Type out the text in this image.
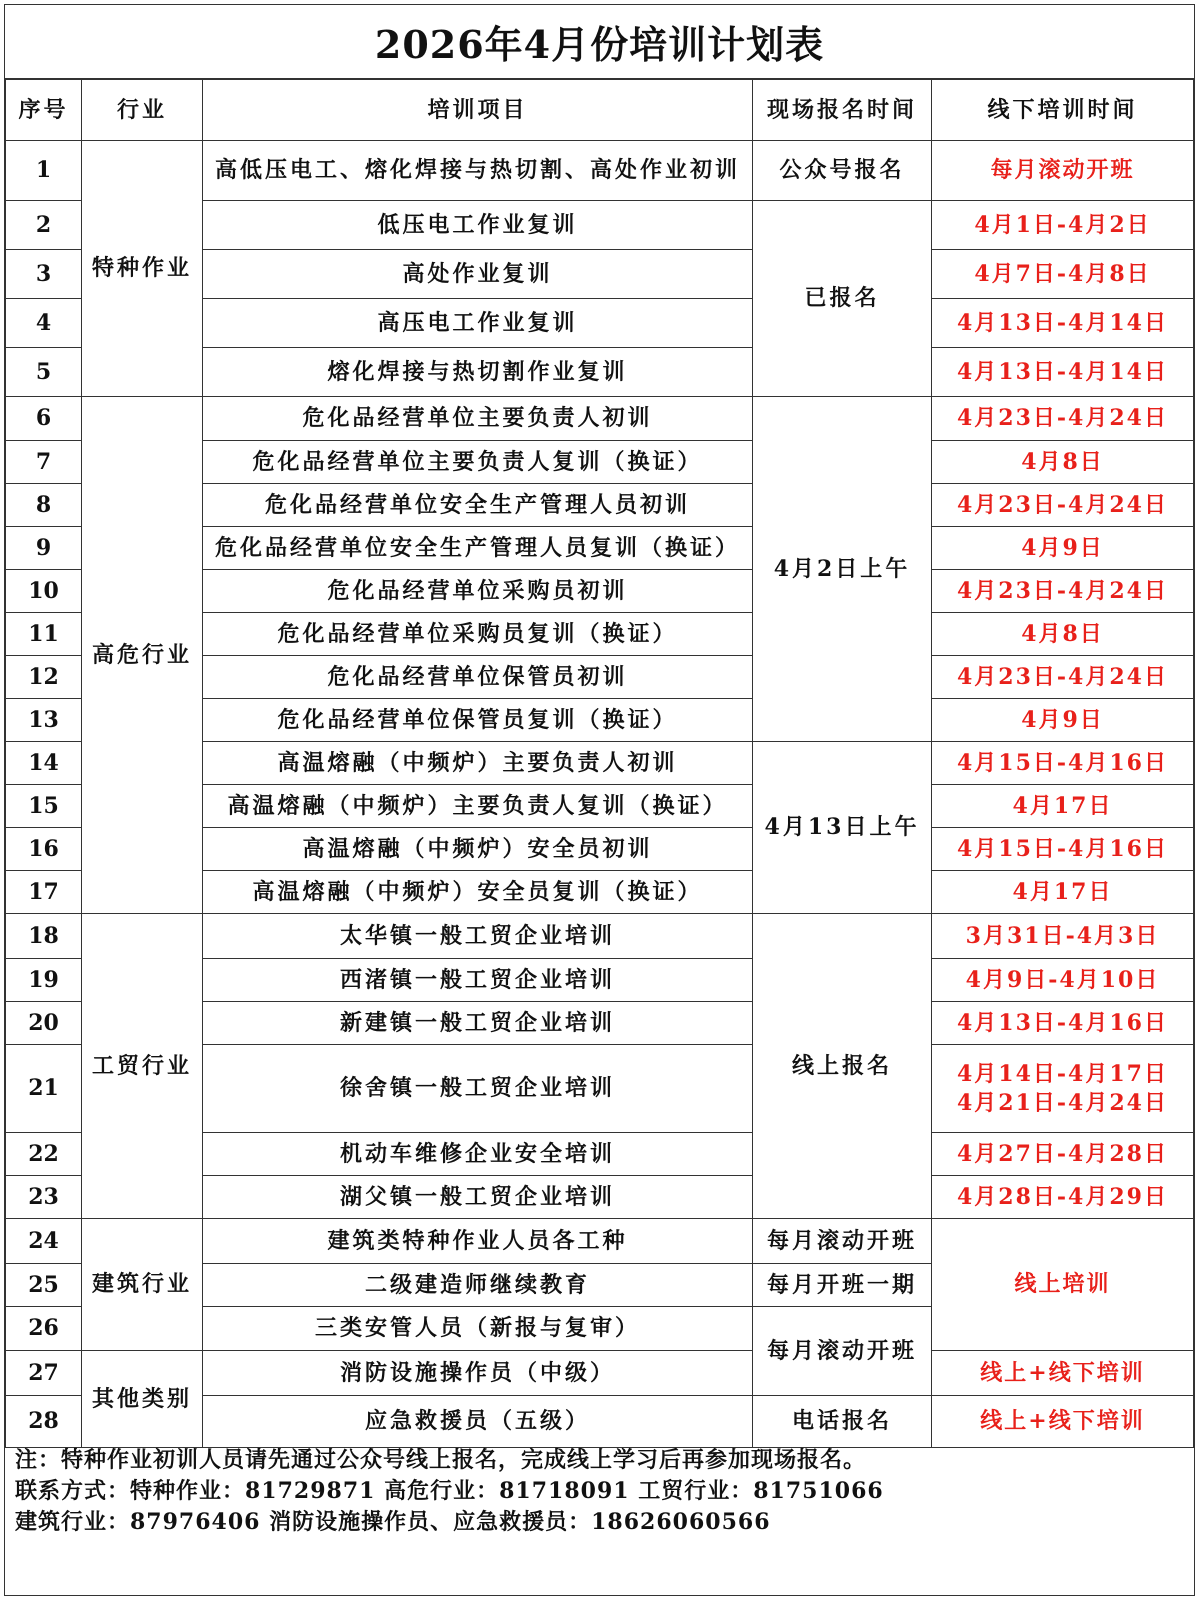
2026年4月份培训计划表
序号	行业	培训项目	现场报名时间	线下培训时间
1	特种作业	高低压电工、熔化焊接与热切割、高处作业初训	公众号报名	每月滚动开班
2		低压电工作业复训	已报名	4月1日-4月2日
3		高处作业复训		4月7日-4月8日
4		高压电工作业复训		4月13日-4月14日
5		熔化焊接与热切割作业复训		4月13日-4月14日
6	高危行业	危化品经营单位主要负责人初训	4月2日上午	4月23日-4月24日
7		危化品经营单位主要负责人复训（换证）		4月8日
8		危化品经营单位安全生产管理人员初训		4月23日-4月24日
9		危化品经营单位安全生产管理人员复训（换证）		4月9日
10		危化品经营单位采购员初训		4月23日-4月24日
11		危化品经营单位采购员复训（换证）		4月8日
12		危化品经营单位保管员初训		4月23日-4月24日
13		危化品经营单位保管员复训（换证）		4月9日
14		高温熔融（中频炉）主要负责人初训	4月13日上午	4月15日-4月16日
15		高温熔融（中频炉）主要负责人复训（换证）		4月17日
16		高温熔融（中频炉）安全员初训		4月15日-4月16日
17		高温熔融（中频炉）安全员复训（换证）		4月17日
18	工贸行业	太华镇一般工贸企业培训	线上报名	3月31日-4月3日
19		西渚镇一般工贸企业培训		4月9日-4月10日
20		新建镇一般工贸企业培训		4月13日-4月16日
21		徐舍镇一般工贸企业培训		4月14日-4月17日
4月21日-4月24日

22		机动车维修企业安全培训		4月27日-4月28日
23		湖父镇一般工贸企业培训		4月28日-4月29日
24	建筑行业	建筑类特种作业人员各工种	每月滚动开班	线上培训
25		二级建造师继续教育	每月开班一期	
26		三类安管人员（新报与复审）	每月滚动开班	
27	其他类别	消防设施操作员（中级）		线上+线下培训
28		应急救援员（五级）	电话报名	线上+线下培训
注：特种作业初训人员请先通过公众号线上报名，完成线上学习后再参加现场报名。
联系方式：特种作业：81729871 高危行业：81718091 工贸行业：81751066
建筑行业：87976406 消防设施操作员、应急救援员：18626060566
